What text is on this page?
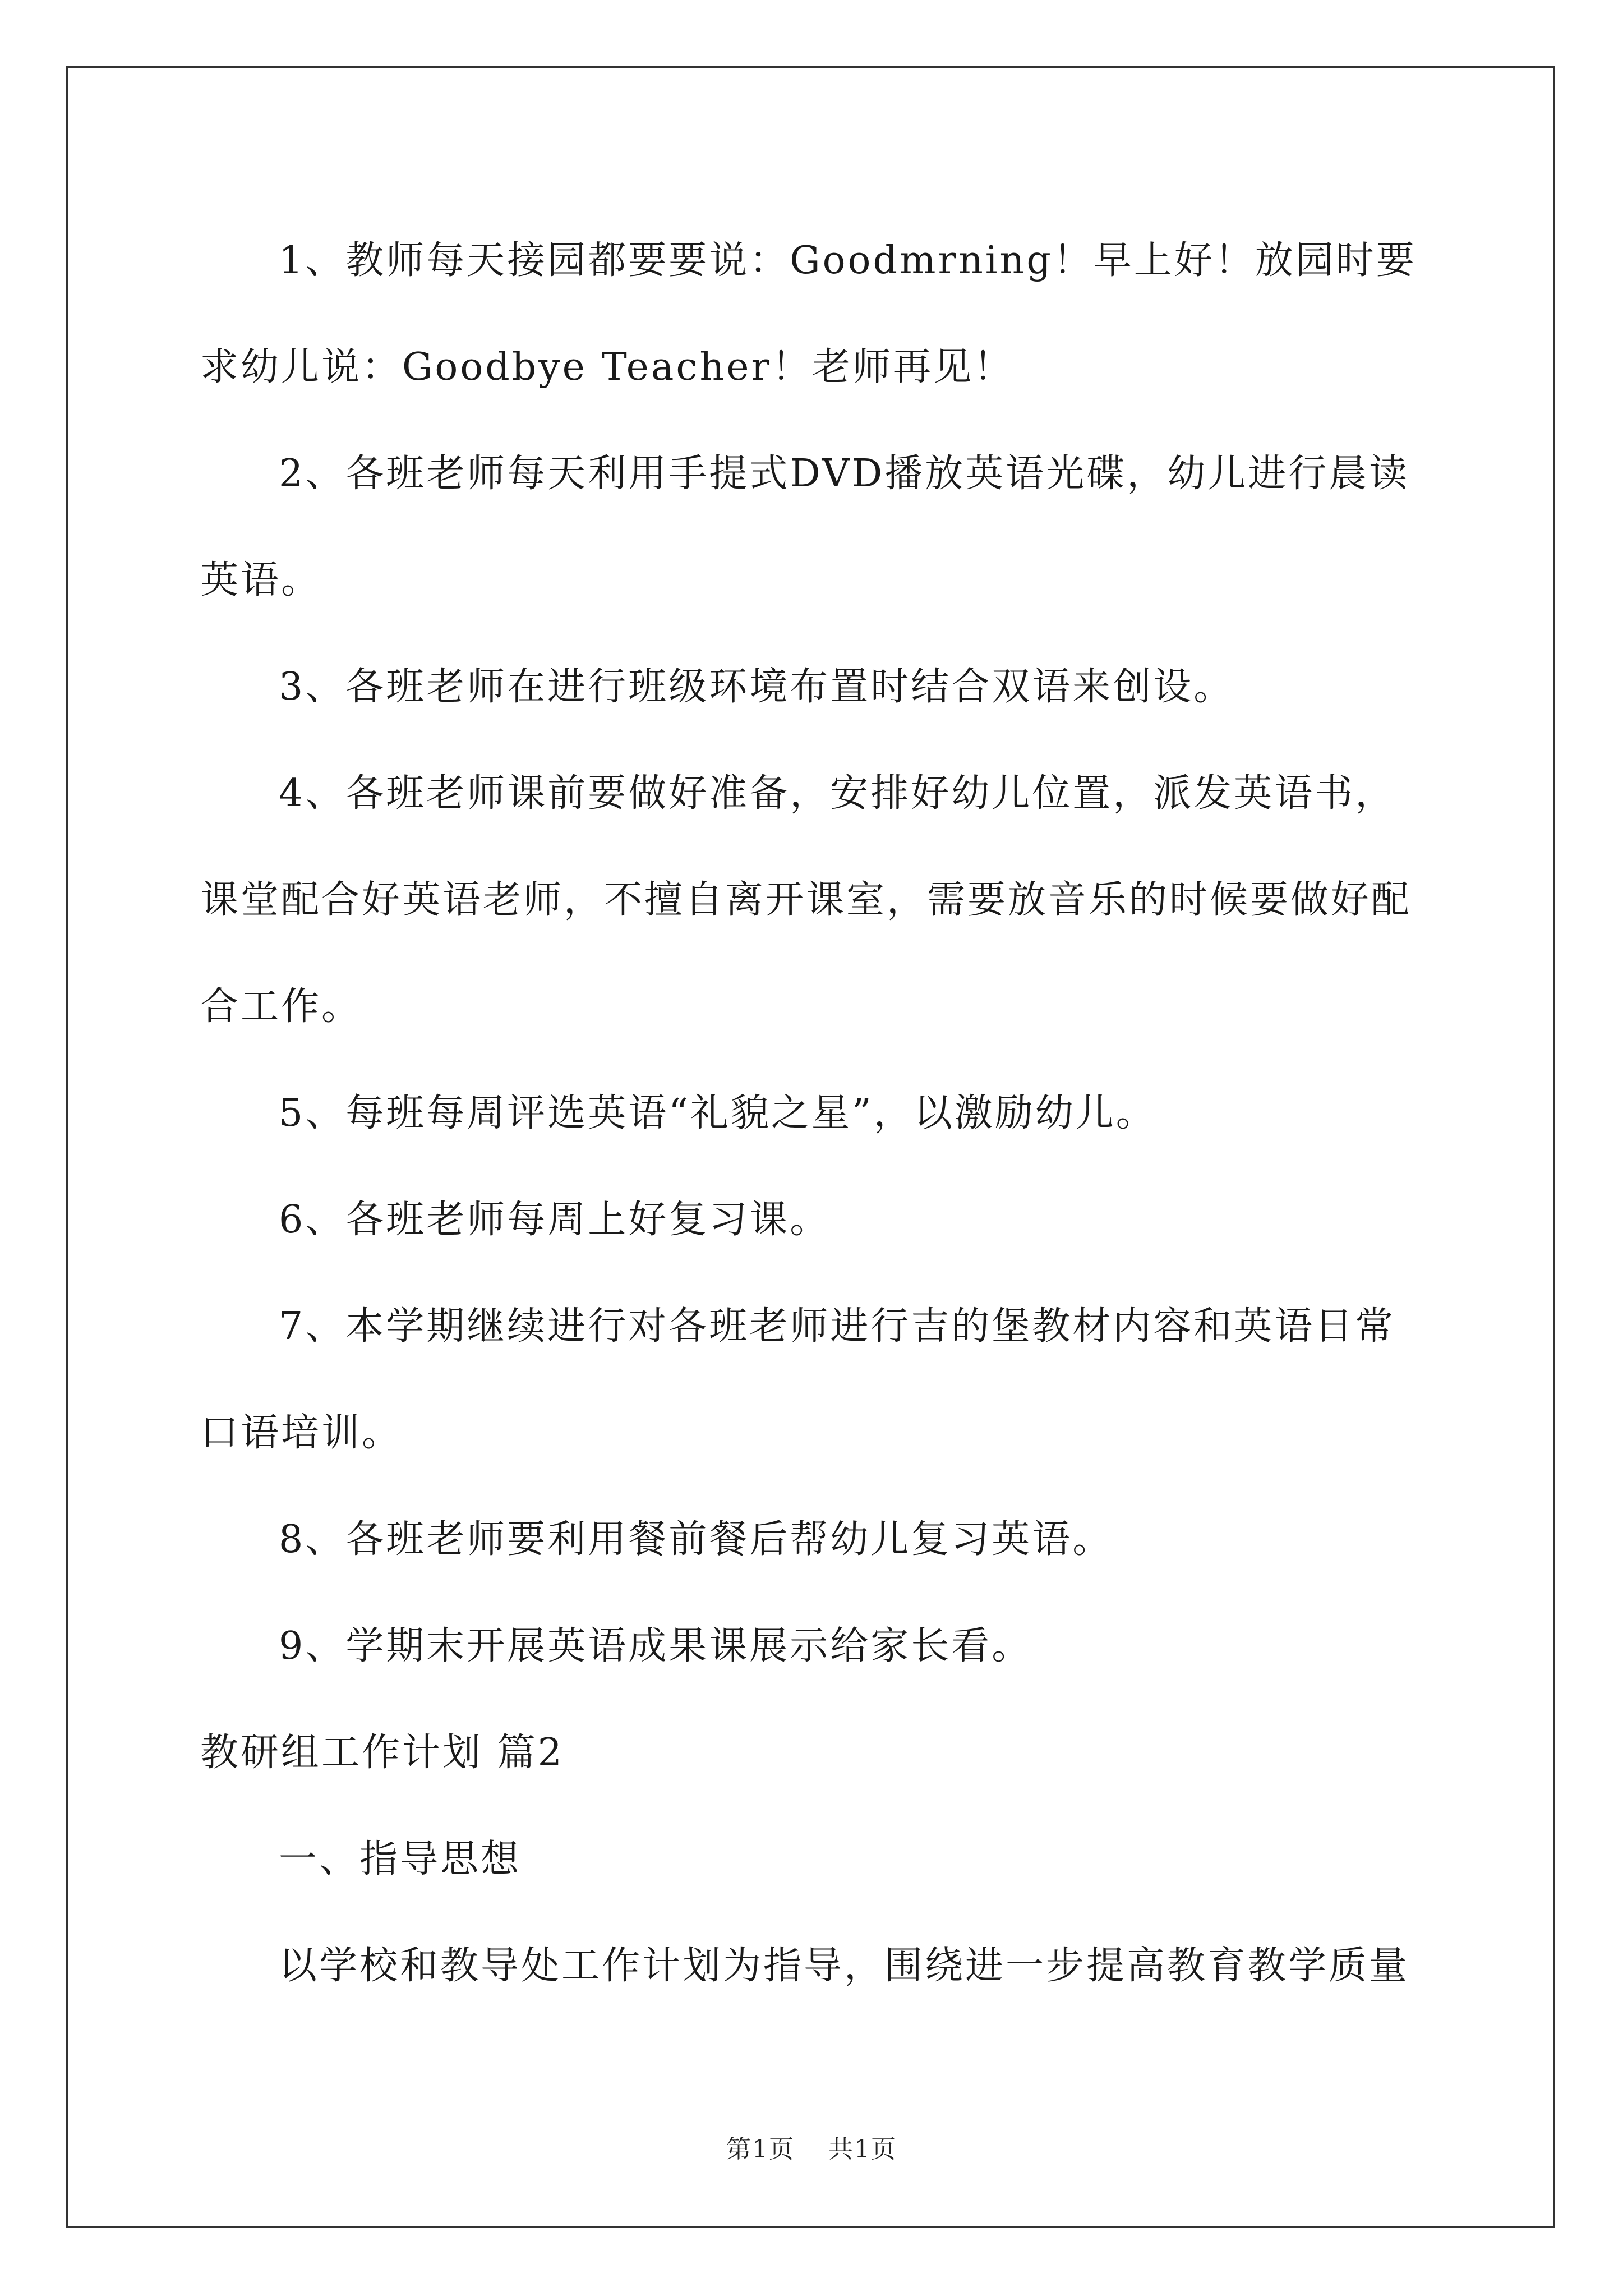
1、教师每天接园都要要说：Goodmrning！早上好！放园时要求幼儿说：Goodbye Teacher！老师再见！

2、各班老师每天利用手提式DVD播放英语光碟，幼儿进行晨读英语。

3、各班老师在进行班级环境布置时结合双语来创设。

4、各班老师课前要做好准备，安排好幼儿位置，派发英语书，课堂配合好英语老师，不擅自离开课室，需要放音乐的时候要做好配合工作。

5、每班每周评选英语“礼貌之星”，以激励幼儿。

6、各班老师每周上好复习课。

7、本学期继续进行对各班老师进行吉的堡教材内容和英语日常口语培训。

8、各班老师要利用餐前餐后帮幼儿复习英语。

9、学期末开展英语成果课展示给家长看。

教研组工作计划 篇2

一、指导思想

以学校和教导处工作计划为指导，围绕进一步提高教育教学质量

第1页 共1页
